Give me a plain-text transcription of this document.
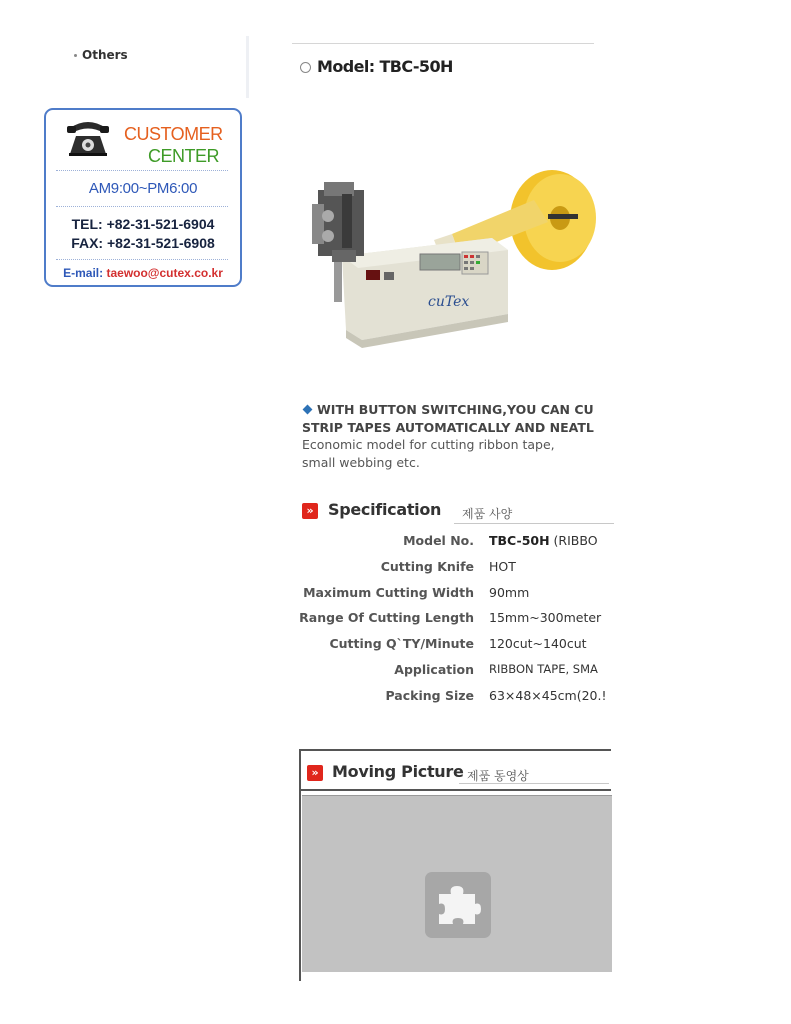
Others
CUSTOMER
CENTER
AM9:00~PM6:00
TEL: +82-31-521-6904
FAX: +82-31-521-6908
E-mail: taewoo@cutex.co.kr
Model: TBC-50H
cuTex
WITH BUTTON SWITCHING,YOU CAN CU
STRIP TAPES AUTOMATICALLY AND NEATL
Economic model for cutting ribbon tape, small webbing etc.
» Specification 제품 사양
Model No. TBC-50H (RIBBO
Cutting Knife HOT
Maximum Cutting Width 90mm
Range Of Cutting Length 15mm~300meter
Cutting Q`TY/Minute 120cut~140cut
Application RIBBON TAPE, SMA
Packing Size 63×48×45cm(20.!
» Moving Picture 제품 동영상
